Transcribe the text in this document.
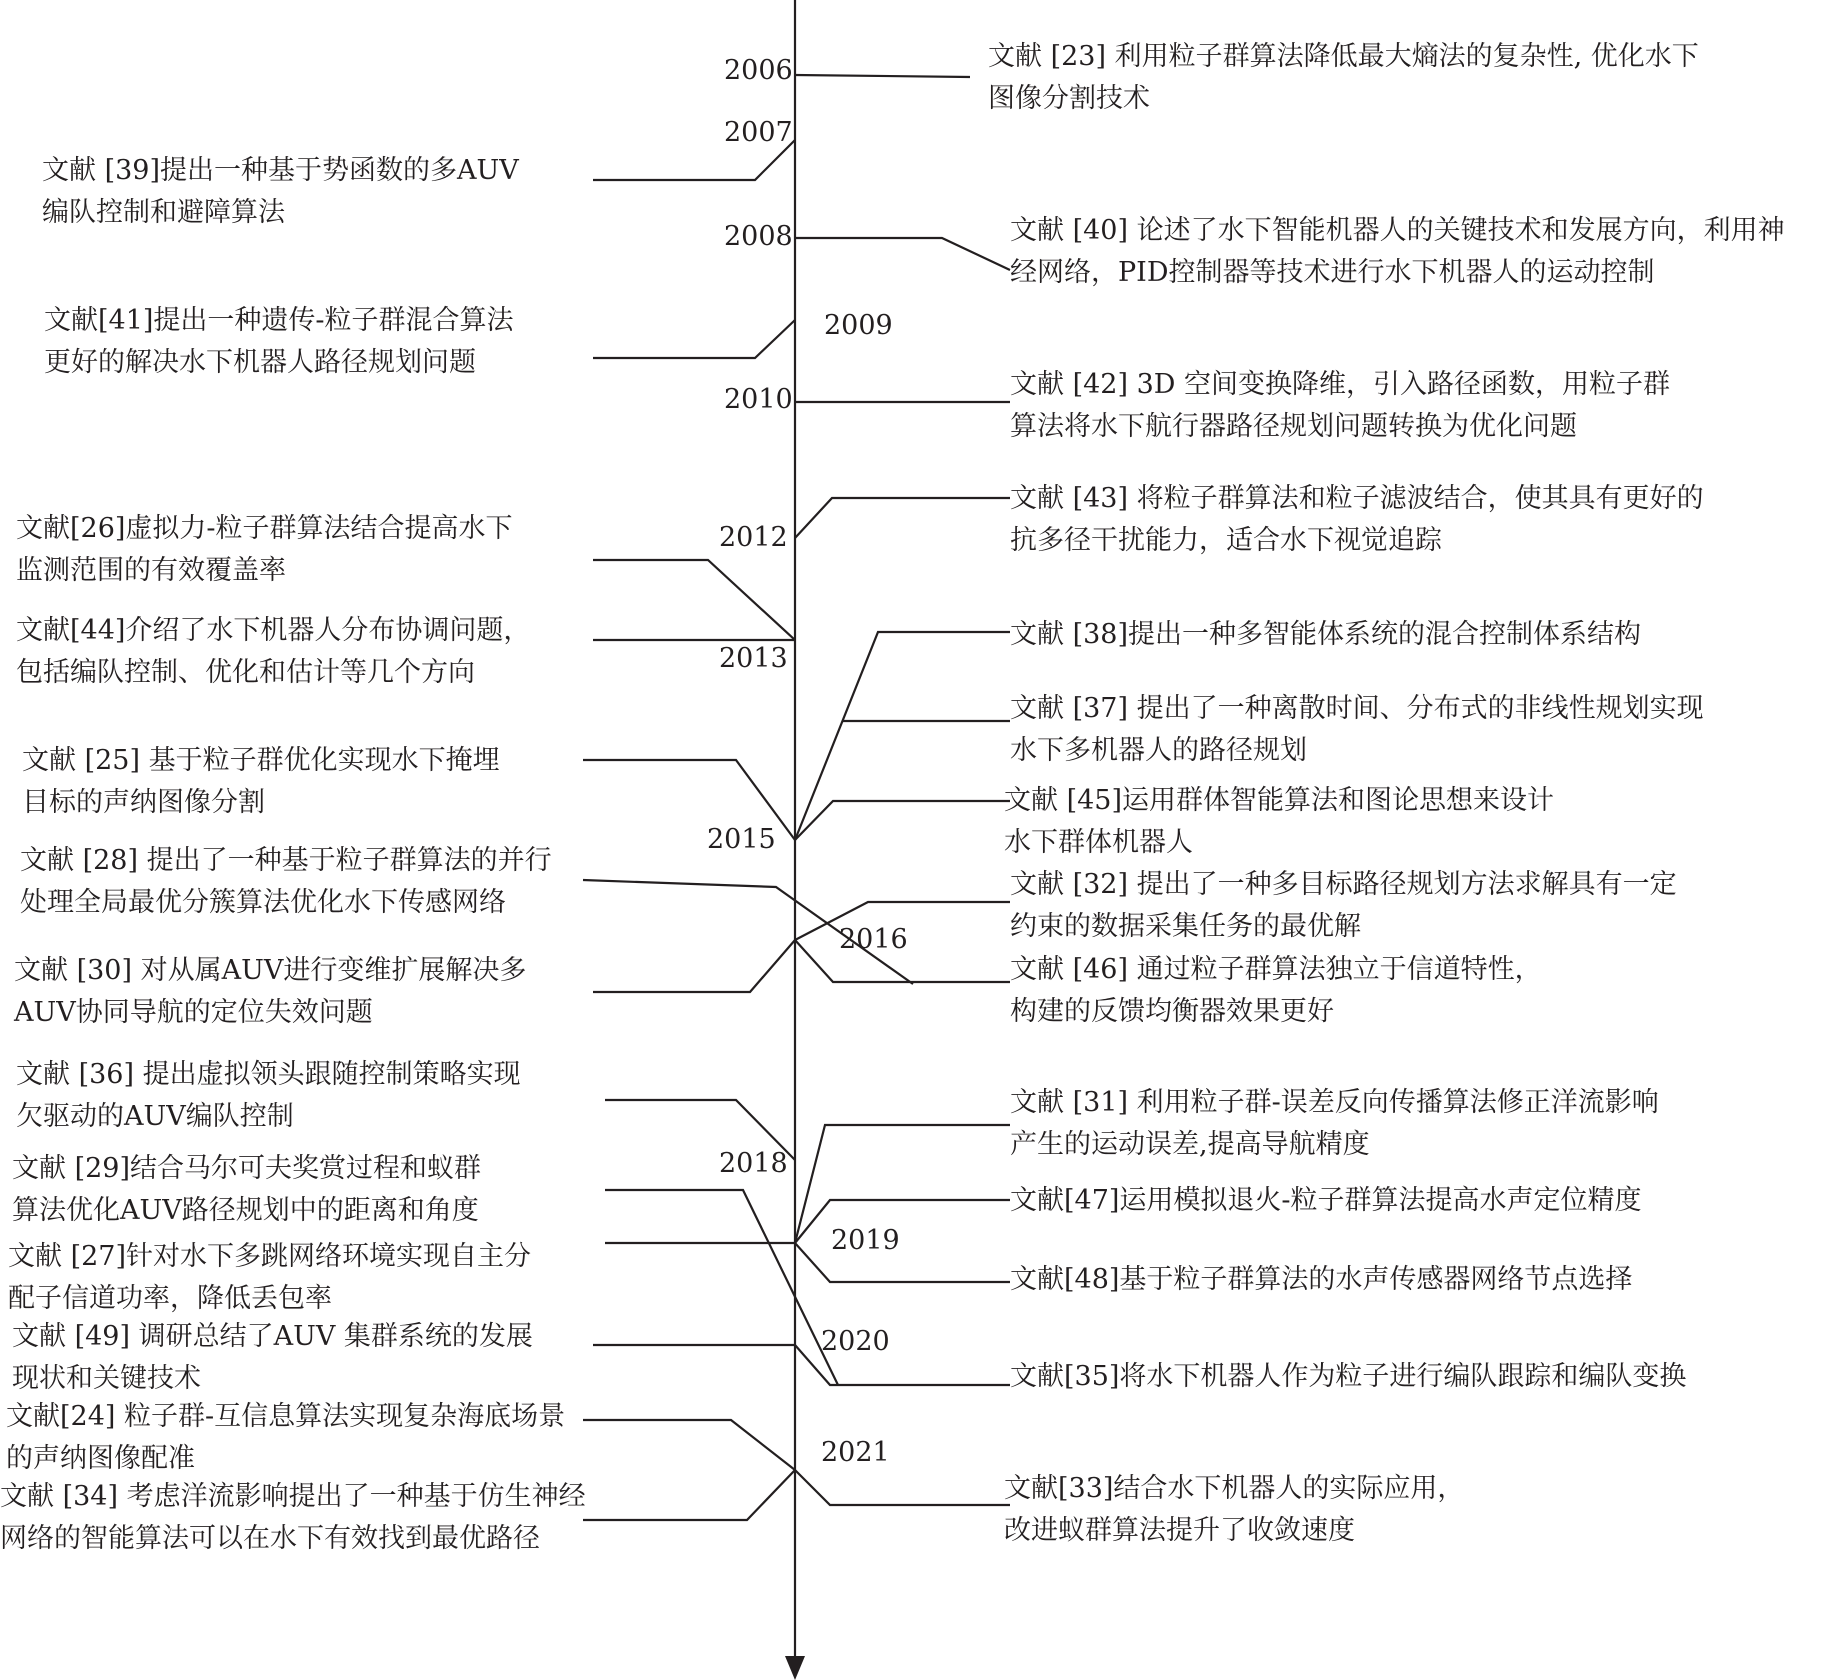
2006
2007
2008
2009
2010
2012
2013
2015
2016
2018
2019
2020
2021
文献 [23] 利用粒子群算法降低最大熵法的复杂性, 优化水下
图像分割技术
文献 [40] 论述了水下智能机器人的关键技术和发展方向，利用神
经网络，PID控制器等技术进行水下机器人的运动控制
文献 [42] 3D 空间变换降维，引入路径函数，用粒子群
算法将水下航行器路径规划问题转换为优化问题
文献 [43] 将粒子群算法和粒子滤波结合，使其具有更好的
抗多径干扰能力，适合水下视觉追踪
文献 [38]提出一种多智能体系统的混合控制体系结构
文献 [37] 提出了一种离散时间、分布式的非线性规划实现
水下多机器人的路径规划
文献 [45]运用群体智能算法和图论思想来设计
水下群体机器人
文献 [32] 提出了一种多目标路径规划方法求解具有一定
约束的数据采集任务的最优解
文献 [46] 通过粒子群算法独立于信道特性，
构建的反馈均衡器效果更好
文献 [31] 利用粒子群-误差反向传播算法修正洋流影响
产生的运动误差,提高导航精度
文献[47]运用模拟退火-粒子群算法提高水声定位精度
文献[48]基于粒子群算法的水声传感器网络节点选择
文献[35]将水下机器人作为粒子进行编队跟踪和编队变换
文献[33]结合水下机器人的实际应用，
改进蚁群算法提升了收敛速度
文献 [39]提出一种基于势函数的多AUV
编队控制和避障算法
文献[41]提出一种遗传-粒子群混合算法
更好的解决水下机器人路径规划问题
文献[26]虚拟力-粒子群算法结合提高水下
监测范围的有效覆盖率
文献[44]介绍了水下机器人分布协调问题，
包括编队控制、优化和估计等几个方向
文献 [25] 基于粒子群优化实现水下掩埋
目标的声纳图像分割
文献 [28] 提出了一种基于粒子群算法的并行
处理全局最优分簇算法优化水下传感网络
文献 [30] 对从属AUV进行变维扩展解决多
AUV协同导航的定位失效问题
文献 [36] 提出虚拟领头跟随控制策略实现
欠驱动的AUV编队控制
文献 [29]结合马尔可夫奖赏过程和蚁群
算法优化AUV路径规划中的距离和角度
文献 [27]针对水下多跳网络环境实现自主分
配子信道功率，降低丢包率
文献 [49] 调研总结了AUV 集群系统的发展
现状和关键技术
文献[24] 粒子群-互信息算法实现复杂海底场景
的声纳图像配准
文献 [34] 考虑洋流影响提出了一种基于仿生神经
网络的智能算法可以在水下有效找到最优路径
